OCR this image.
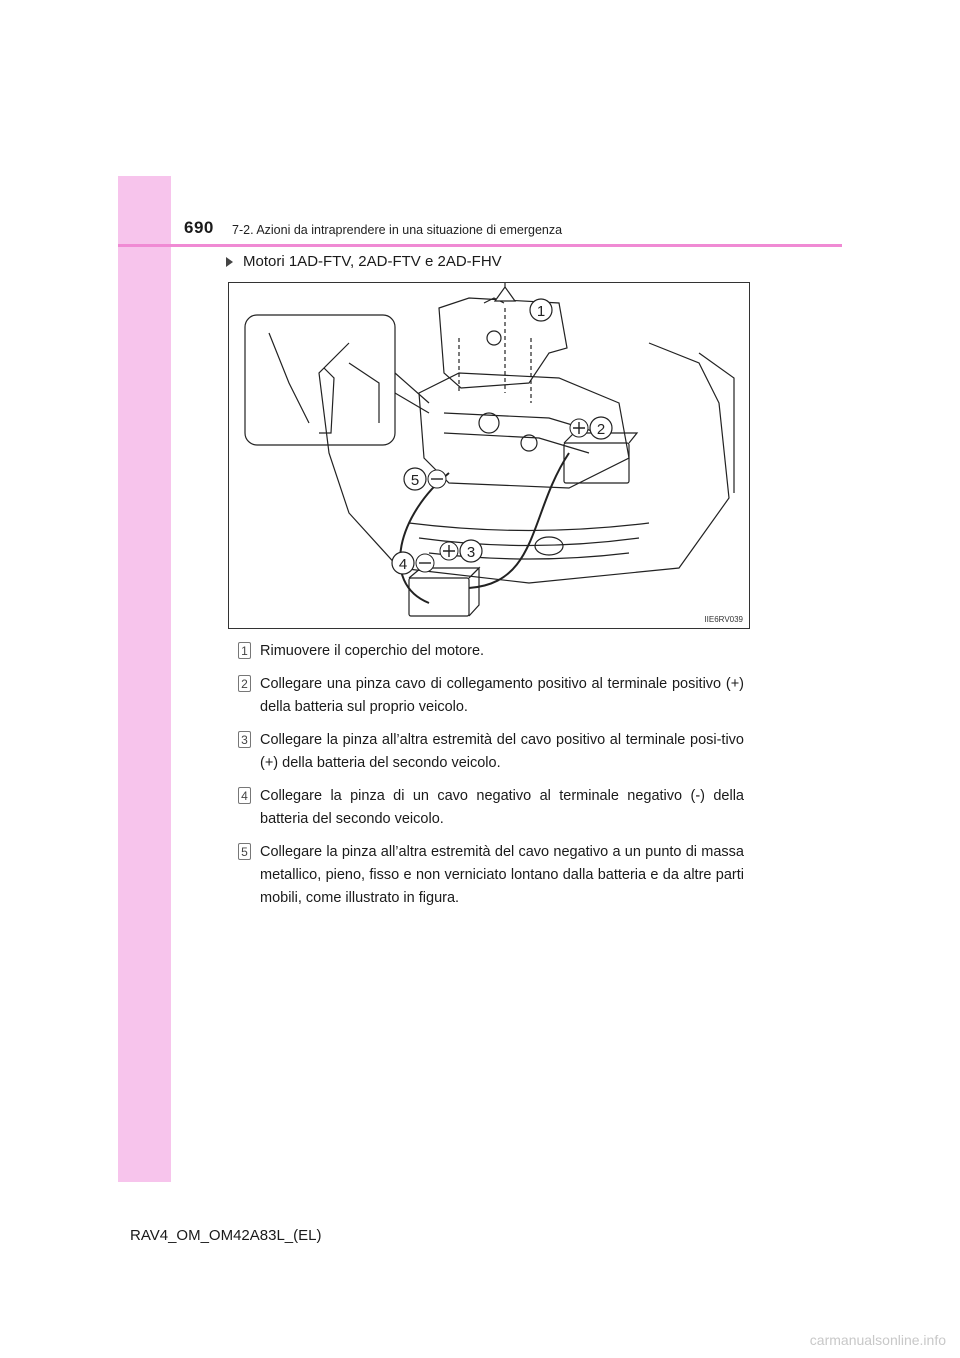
690 7-2. Azioni da intraprendere in una situazione di emergenza
Motori 1AD-FTV, 2AD-FTV e 2AD-FHV
1
2
3
4
5
IIE6RV039
1 Rimuovere il coperchio del motore.
2 Collegare una pinza cavo di collegamento positivo al terminale positivo (+) della batteria sul proprio veicolo.
3 Collegare la pinza all’altra estremità del cavo positivo al terminale posi-tivo (+) della batteria del secondo veicolo.
4 Collegare la pinza di un cavo negativo al terminale negativo (-) della batteria del secondo veicolo.
5 Collegare la pinza all’altra estremità del cavo negativo a un punto di massa metallico, pieno, fisso e non verniciato lontano dalla batteria e da altre parti mobili, come illustrato in figura.
RAV4_OM_OM42A83L_(EL)
carmanualsonline.info
